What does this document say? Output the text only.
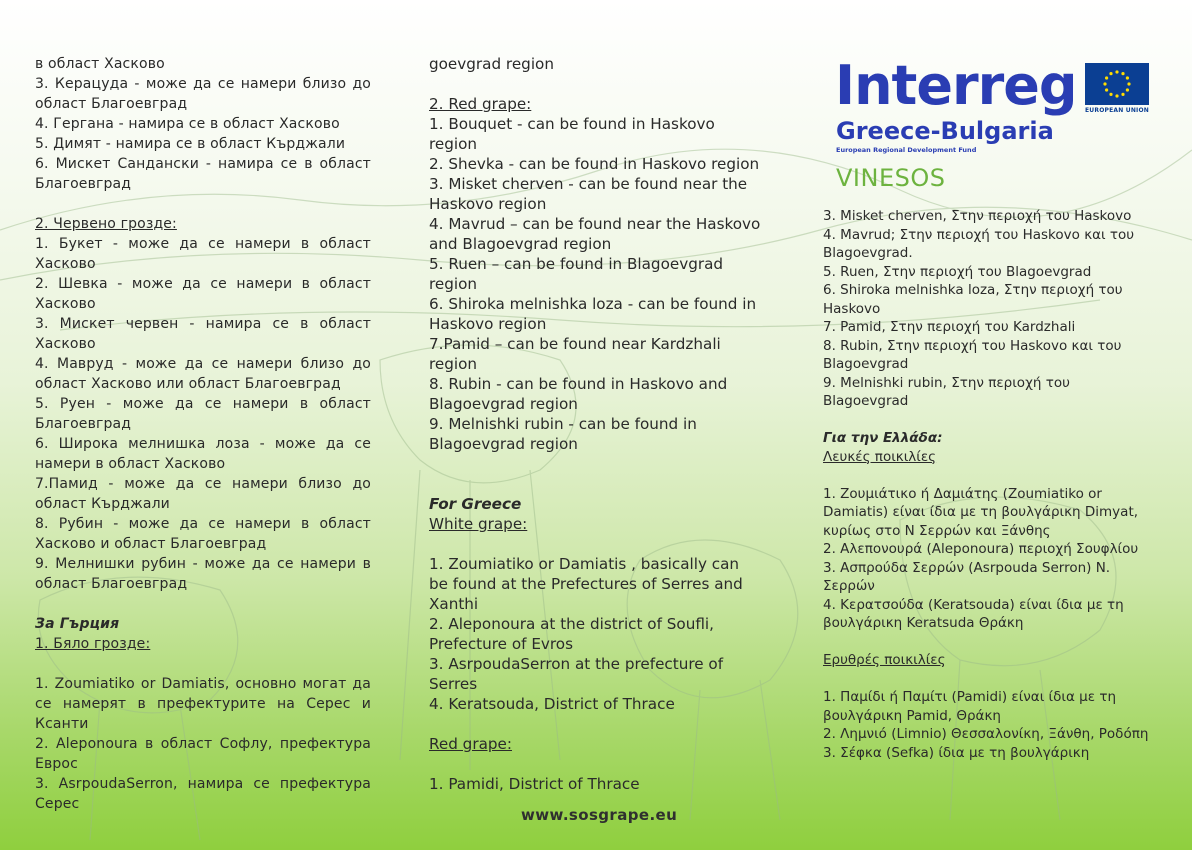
Interreg
Greece-Bulgaria
European Regional Development Fund
EUROPEAN UNION
VINESOS

в област Хасково

3. Керацуда - може да се намери близо до област Благоевград

4. Гергана - намира се в област Хасково

5. Димят - намира се в област Кърджали

6. Мискет Сандански - намира се в област Благоевград

2. Червено грозде:

1. Букет - може да се намери в област Хасково

2. Шевка - може да се намери в област Хасково

3. Мискет червен - намира се в област Хасково

4. Мавруд - може да се намери близо до област Хасково или област Благоевград

5. Руен - може да се намери в област Благоевград

6. Широка мелнишка лоза - може да се намери в област Хасково

7.Памид - може да се намери близо до област Кърджали

8. Рубин - може да се намери в област Хасково и област Благоевград

9. Мелнишки рубин - може да се намери в област Благоевград

За Гърция

1. Бяло грозде:

1. Zoumiatiko or Damiatis, основно могат да се намерят в префектурите на Серес и Ксанти

2. Aleponoura в област Софлу, префектура Еврос

3. AsrpoudaSerron, намира се префектура Серес

goevgrad region

2. Red grape:

1. Bouquet - can be found in Haskovo region

2. Shevka - can be found in Haskovo region

3. Misket cherven - can be found near the Haskovo region

4. Mavrud – can be found near the Haskovo and Blagoevgrad region

5. Ruen – can be found in Blagoevgrad region

6. Shiroka melnishka loza - can be found in Haskovo region

7.Pamid – can be found near Kardzhali region

8. Rubin - can be found in Haskovo and Blagoevgrad region

9. Melnishki rubin - can be found in Blagoevgrad region

For Greece

White grape:

1. Zoumiatiko or Damiatis , basically can be found at the Prefectures of Serres and Xanthi

2. Aleponoura at the district of Soufli, Prefecture of Evros

3. AsrpoudaSerron at the prefecture of Serres

4. Keratsouda, District of Thrace

Red grape:

1. Pamidi, District of Thrace

3. Misket cherven, Στην περιοχή του Haskovo

4. Mavrud; Στην περιοχή του Haskovo και του Blagoevgrad.

5. Ruen, Στην περιοχή του Blagoevgrad

6. Shiroka melnishka loza, Στην περιοχή του Haskovo

7. Pamid, Στην περιοχή του Kardzhali

8. Rubin, Στην περιοχή του Haskovo και του Blagoevgrad

9. Melnishki rubin, Στην περιοχή του Blagoevgrad

Για την Ελλάδα:

Λευκές ποικιλίες

1. Ζουμιάτικο ή Δαμιάτης (Zoumiatiko or Damiatis) είναι ίδια με τη βουλγάρικη Dimyat, κυρίως στο Ν Σερρών και Ξάνθης

2. Αλεπονουρά (Aleponoura) περιοχή Σουφλίου

3. Ασπρούδα Σερρών (Asrpouda Serron) Ν. Σερρών

4. Κερατσούδα (Keratsouda) είναι ίδια με τη βουλγάρικη Keratsuda Θράκη

Ερυθρές ποικιλίες

1. Παμίδι ή Παμίτι (Pamidi) είναι ίδια με τη βουλγάρικη Pamid, Θράκη

2. Λημνιό (Limnio) Θεσσαλονίκη, Ξάνθη, Ροδόπη

3. Σέφκα (Sefka) ίδια με τη βουλγάρικη

www.sosgrape.eu
